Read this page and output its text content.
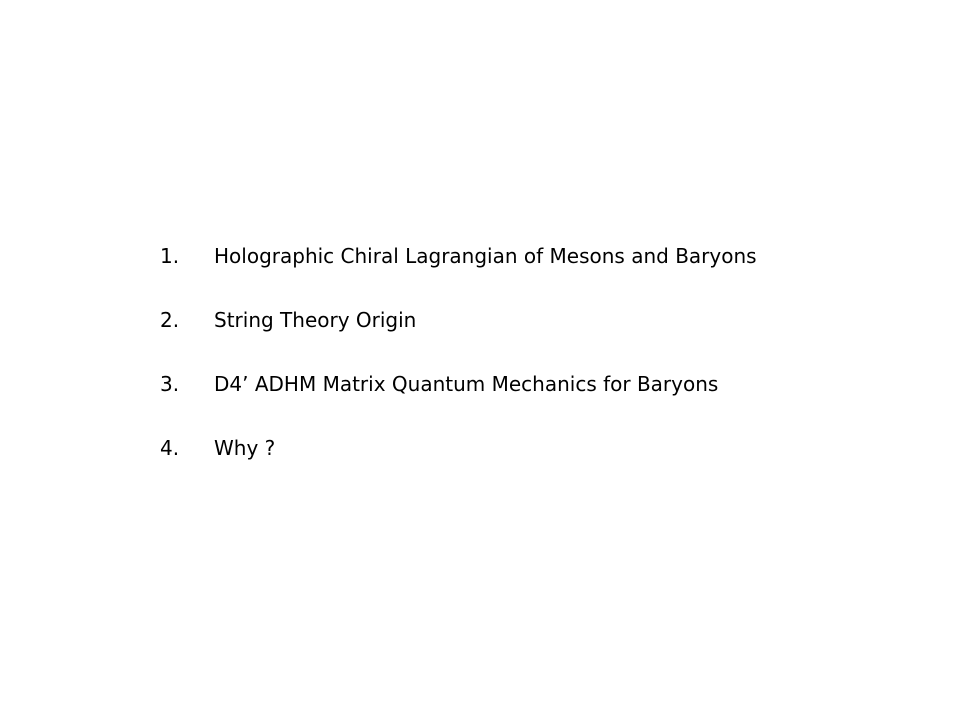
1.	Holographic Chiral Lagrangian of Mesons and Baryons
2.	String Theory Origin
3.	D4’ ADHM Matrix Quantum Mechanics for Baryons
4.	Why ?
